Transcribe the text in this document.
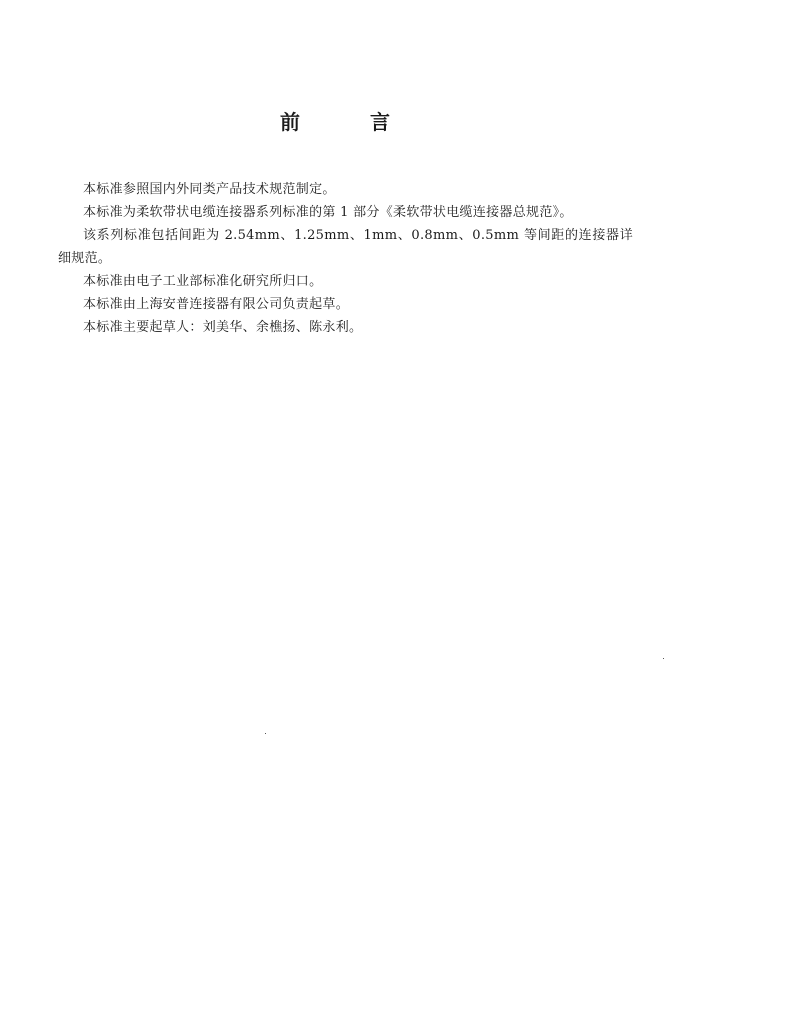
前	言

本标准参照国内外同类产品技术规范制定。

本标准为柔软带状电缆连接器系列标准的第 1 部分《柔软带状电缆连接器总规范》。

该系列标准包括间距为 2.54mm、1.25mm、1mm、0.8mm、0.5mm 等间距的连接器详细规范。

本标准由电子工业部标准化研究所归口。

本标准由上海安普连接器有限公司负责起草。

本标准主要起草人：刘美华、余樵扬、陈永利。
